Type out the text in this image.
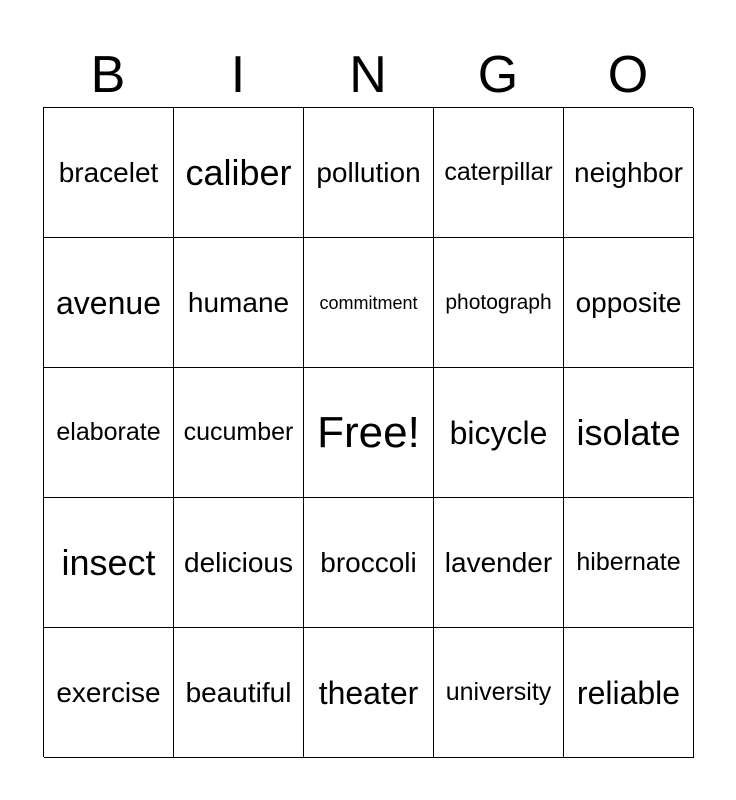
B	I	N	G	O
bracelet caliber pollution caterpillar neighbor
avenue humane	commitment	photograph opposite
elaborate cucumber Free! bicycle isolate
insect	delicious broccoli	lavender hibernate
exercise beautiful theater	university reliable
